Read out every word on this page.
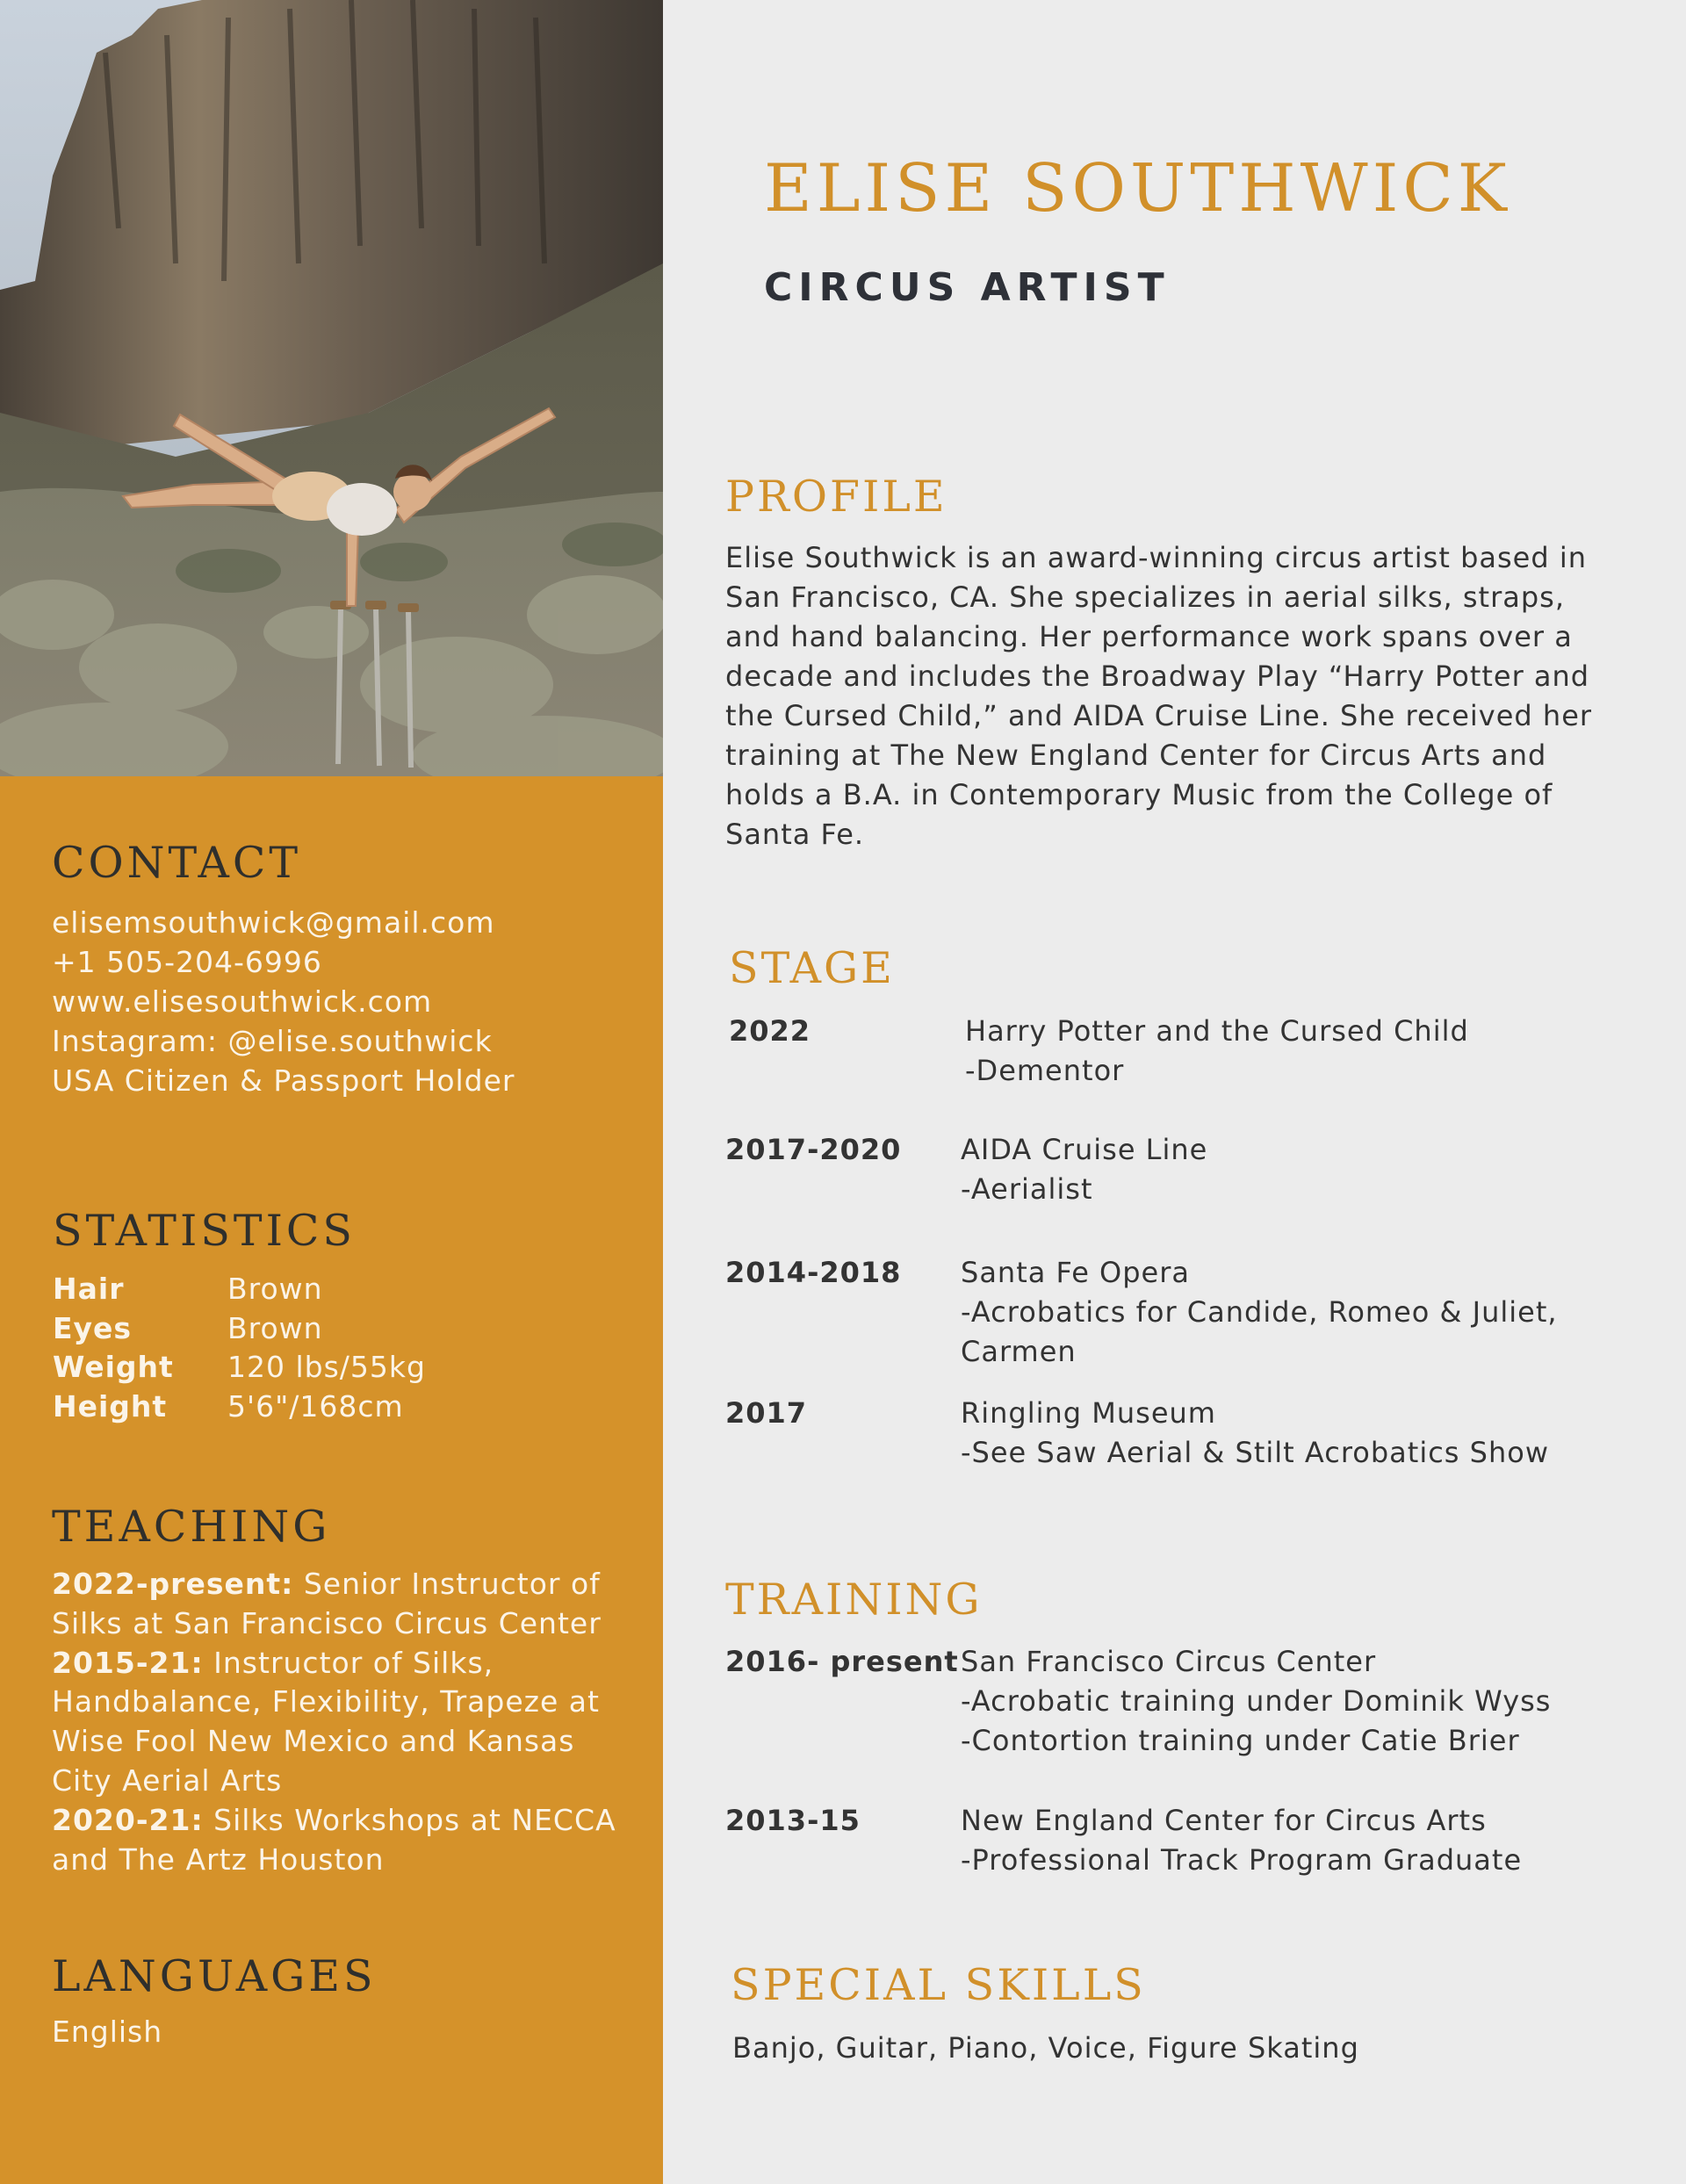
CONTACT
elisemsouthwick@gmail.com
+1 505-204-6996
www.elisesouthwick.com
Instagram: @elise.southwick
USA Citizen & Passport Holder
STATISTICS
Hair	Brown
Eyes	Brown
Weight 120 lbs/55kg
Height 5'6"/168cm
TEACHING
2022-present: Senior Instructor of
Silks at San Francisco Circus Center
2015-21: Instructor of Silks,
Handbalance, Flexibility, Trapeze at
Wise Fool New Mexico and Kansas
City Aerial Arts
2020-21: Silks Workshops at NECCA
and The Artz Houston
LANGUAGES
English
ELISE SOUTHWICK
CIRCUS ARTIST
PROFILE
Elise Southwick is an award-winning circus artist based in
San Francisco, CA. She specializes in aerial silks, straps,
and hand balancing. Her performance work spans over a
decade and includes the Broadway Play “Harry Potter and
the Cursed Child,” and AIDA Cruise Line. She received her
training at The New England Center for Circus Arts and
holds a B.A. in Contemporary Music from the College of
Santa Fe.
STAGE
2022	Harry Potter and the Cursed Child
-Dementor
2017-2020 AIDA Cruise Line
-Aerialist
2014-2018 Santa Fe Opera
-Acrobatics for Candide, Romeo & Juliet,
Carmen
2017	Ringling Museum
-See Saw Aerial & Stilt Acrobatics Show
TRAINING
2016- present San Francisco Circus Center
-Acrobatic training under Dominik Wyss
-Contortion training under Catie Brier
2013-15	New England Center for Circus Arts
-Professional Track Program Graduate
SPECIAL SKILLS
Banjo, Guitar, Piano, Voice, Figure Skating
